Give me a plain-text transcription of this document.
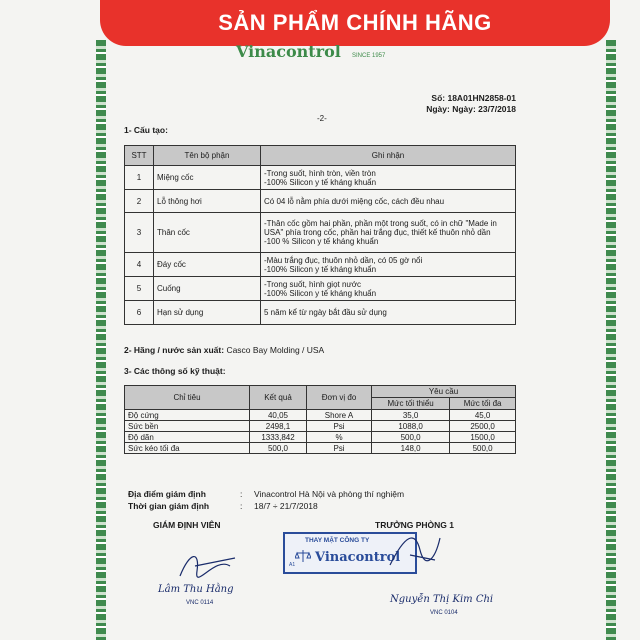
SẢN PHẨM CHÍNH HÃNG
Vinacontrol SINCE 1957
Số: 18A01HN2858-01
Ngày: Ngày: 23/7/2018
-2-
1- Cấu tạo:
STT	Tên bộ phận	Ghi nhận
1	Miệng cốc	-Trong suốt, hình tròn, viền tròn
-100% Silicon y tế kháng khuẩn
2	Lỗ thông hơi	Có 04 lỗ nằm phía dưới miệng cốc, cách đều nhau
3	Thân cốc	-Thân cốc gồm hai phần, phần một trong suốt, có in chữ "Made in USA" phía trong cốc, phần hai trắng đục, thiết kế thuôn nhỏ dần
-100 % Silicon y tế kháng khuẩn
4	Đáy cốc	-Màu trắng đục, thuôn nhỏ dần, có 05 gờ nổi
-100% Silicon y tế kháng khuẩn
5	Cuống	-Trong suốt, hình giọt nước
-100% Silicon y tế kháng khuẩn
6	Hạn sử dụng	5 năm kể từ ngày bắt đầu sử dụng
2- Hãng / nước sản xuất: Casco Bay Molding / USA
3- Các thông số kỹ thuật:
Chỉ tiêu	Kết quả	Đơn vị đo	Yêu cầu	
			Mức tối thiểu	Mức tối đa
Độ cứng	40,05	Shore A	35,0	45,0
Sức bền	2498,1	Psi	1088,0	2500,0
Độ dãn	1333,842	%	500,0	1500,0
Sức kéo tối đa	500,0	Psi	148,0	500,0
Địa điểm giám định	: Vinacontrol Hà Nội và phòng thí nghiệm
Thời gian giám định	: 18/7 ÷ 21/7/2018
GIÁM ĐỊNH VIÊN	TRƯỞNG PHÒNG 1
Lâm Thu Hằng
VNC 0114
THAY MẶT CÔNG TY
Vinacontrol
A1
Nguyễn Thị Kim Chi
VNC 0104
